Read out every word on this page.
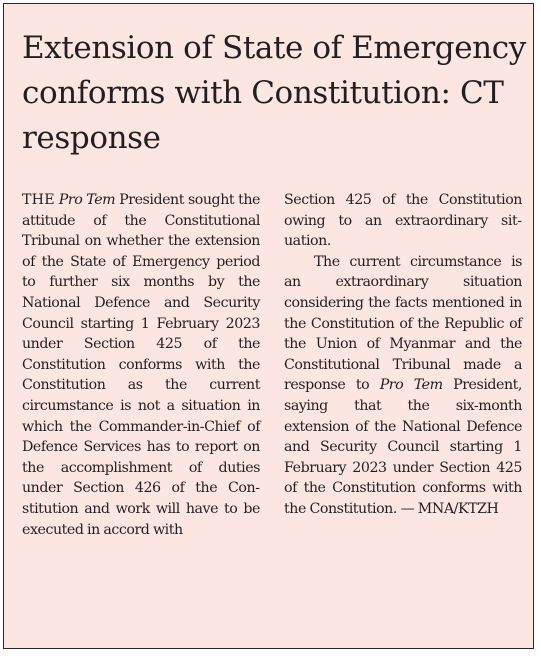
Extension of State of Emergency conforms with Constitution: CT response

THE Pro Tem President sought the attitude of the Constitutional Tribunal on whether the extension of the State of Emergency period to further six months by the National Defence and Security Council starting 1 February 2023 under Section 425 of the Constitution conforms with the Constitution as the current circumstance is not a situation in which the Commander-in-Chief of Defence Services has to report on the accomplishment of duties under Section 426 of the Constitution and work will have to be executed in accord with

Section 425 of the Constitution owing to an extraordinary situation.

The current circumstance is an extraordinary situation considering the facts mentioned in the Constitution of the Republic of the Union of Myanmar and the Constitutional Tribunal made a response to Pro Tem President, saying that the six-month extension of the National Defence and Security Council starting 1 February 2023 under Section 425 of the Constitution conforms with the Constitution. — MNA/KTZH
